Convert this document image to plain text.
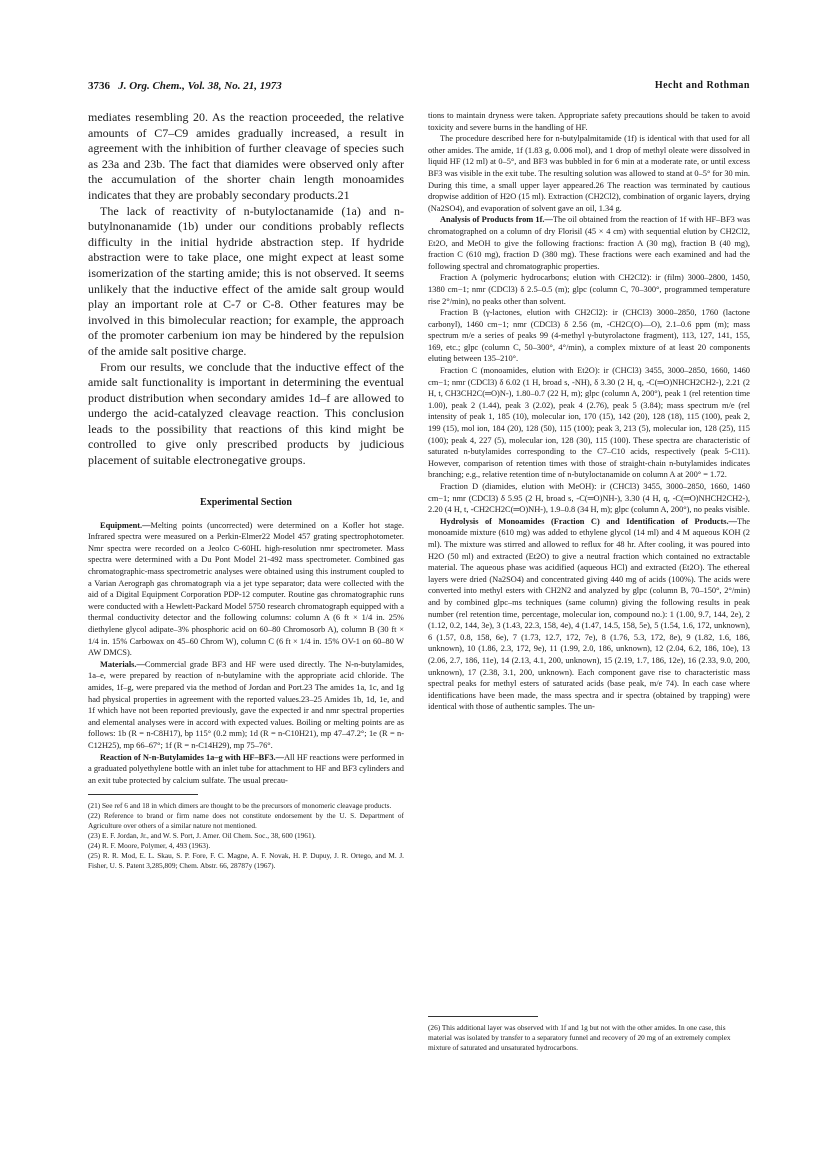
3736 J. Org. Chem., Vol. 38, No. 21, 1973	Hecht and Rothman

mediates resembling 20. As the reaction proceeded, the relative amounts of C7–C9 amides gradually increased, a result in agreement with the inhibition of further cleavage of species such as 23a and 23b. The fact that diamides were observed only after the accumulation of the shorter chain length monoamides indicates that they are probably secondary products.21

The lack of reactivity of n-butyloctanamide (1a) and n-butylnonanamide (1b) under our conditions probably reflects difficulty in the initial hydride abstraction step. If hydride abstraction were to take place, one might expect at least some isomerization of the starting amide; this is not observed. It seems unlikely that the inductive effect of the amide salt group would play an important role at C-7 or C-8. Other features may be involved in this bimolecular reaction; for example, the approach of the promoter carbenium ion may be hindered by the repulsion of the amide salt positive charge.

From our results, we conclude that the inductive effect of the amide salt functionality is important in determining the eventual product distribution when secondary amides 1d–f are allowed to undergo the acid-catalyzed cleavage reaction. This conclusion leads to the possibility that reactions of this kind might be controlled to give only prescribed products by judicious placement of suitable electronegative groups.

Experimental Section

Equipment.—Melting points (uncorrected) were determined on a Kofler hot stage. Infrared spectra were measured on a Perkin-Elmer22 Model 457 grating spectrophotometer. Nmr spectra were recorded on a Jeolco C-60HL high-resolution nmr spectrometer. Mass spectra were determined with a Du Pont Model 21-492 mass spectrometer. Combined gas chromatographic-mass spectrometric analyses were obtained using this instrument coupled to a Varian Aerograph gas chromatograph via a jet type separator; data were collected with the aid of a Digital Equipment Corporation PDP-12 computer. Routine gas chromatographic runs were conducted with a Hewlett-Packard Model 5750 research chromatograph equipped with a thermal conductivity detector and the following columns: column A (6 ft × 1/4 in. 25% diethylene glycol adipate–3% phosphoric acid on 60–80 Chromosorb A), column B (30 ft × 1/4 in. 15% Carbowax on 45–60 Chrom W), column C (6 ft × 1/4 in. 15% OV-1 on 60–80 W AW DMCS).

Materials.—Commercial grade BF3 and HF were used directly. The N-n-butylamides, 1a–e, were prepared by reaction of n-butylamine with the appropriate acid chloride. The amides, 1f–g, were prepared via the method of Jordan and Port.23 The amides 1a, 1c, and 1g had physical properties in agreement with the reported values.23–25 Amides 1b, 1d, 1e, and 1f which have not been reported previously, gave the expected ir and nmr spectral properties and elemental analyses were in accord with expected values. Boiling or melting points are as follows: 1b (R = n-C8H17), bp 115° (0.2 mm); 1d (R = n-C10H21), mp 47–47.2°; 1e (R = n-C12H25), mp 66–67°; 1f (R = n-C14H29), mp 75–76°.

Reaction of N-n-Butylamides 1a–g with HF–BF3.—All HF reactions were performed in a graduated polyethylene bottle with an inlet tube for attachment to HF and BF3 cylinders and an exit tube protected by calcium sulfate. The usual precau-

(21) See ref 6 and 18 in which dimers are thought to be the precursors of monomeric cleavage products.

(22) Reference to brand or firm name does not constitute endorsement by the U. S. Department of Agriculture over others of a similar nature not mentioned.

(23) E. F. Jordan, Jr., and W. S. Port, J. Amer. Oil Chem. Soc., 38, 600 (1961).

(24) R. F. Moore, Polymer, 4, 493 (1963).

(25) R. R. Mod, E. L. Skau, S. P. Fore, F. C. Magne, A. F. Novak, H. P. Dupuy, J. R. Ortego, and M. J. Fisher, U. S. Patent 3,285,809; Chem. Abstr. 66, 28787y (1967).

tions to maintain dryness were taken. Appropriate safety precautions should be taken to avoid toxicity and severe burns in the handling of HF.

The procedure described here for n-butylpalmitamide (1f) is identical with that used for all other amides. The amide, 1f (1.83 g, 0.006 mol), and 1 drop of methyl oleate were dissolved in liquid HF (12 ml) at 0–5°, and BF3 was bubbled in for 6 min at a moderate rate, or until excess BF3 was visible in the exit tube. The resulting solution was allowed to stand at 0–5° for 30 min. During this time, a small upper layer appeared.26 The reaction was terminated by cautious dropwise addition of H2O (15 ml). Extraction (CH2Cl2), combination of organic layers, drying (Na2SO4), and evaporation of solvent gave an oil, 1.34 g.

Analysis of Products from 1f.—The oil obtained from the reaction of 1f with HF–BF3 was chromatographed on a column of dry Florisil (45 × 4 cm) with sequential elution by CH2Cl2, Et2O, and MeOH to give the following fractions: fraction A (30 mg), fraction B (40 mg), fraction C (610 mg), fraction D (380 mg). These fractions were each examined and had the following spectral and chromatographic properties.

Fraction A (polymeric hydrocarbons; elution with CH2Cl2): ir (film) 3000–2800, 1450, 1380 cm−1; nmr (CDCl3) δ 2.5–0.5 (m); glpc (column C, 70–300°, programmed temperature rise 2°/min), no peaks other than solvent.

Fraction B (γ-lactones, elution with CH2Cl2): ir (CHCl3) 3000–2850, 1760 (lactone carbonyl), 1460 cm−1; nmr (CDCl3) δ 2.56 (m, -CH2C(O)—O), 2.1–0.6 ppm (m); mass spectrum m/e a series of peaks 99 (4-methyl γ-butyrolactone fragment), 113, 127, 141, 155, 169, etc.; glpc (column C, 50–300°, 4°/min), a complex mixture of at least 20 components eluting between 135–210°.

Fraction C (monoamides, elution with Et2O): ir (CHCl3) 3455, 3000–2850, 1660, 1460 cm−1; nmr (CDCl3) δ 6.02 (1 H, broad s, -NH), δ 3.30 (2 H, q, -C(═O)NHCH2CH2-), 2.21 (2 H, t, CH3CH2C(═O)N-), 1.80–0.7 (22 H, m); glpc (column A, 200°), peak 1 (rel retention time 1.00), peak 2 (1.44), peak 3 (2.02), peak 4 (2.76), peak 5 (3.84); mass spectrum m/e (rel intensity of peak 1, 185 (10), molecular ion, 170 (15), 142 (20), 128 (18), 115 (100), peak 2, 199 (15), mol ion, 184 (20), 128 (50), 115 (100); peak 3, 213 (5), molecular ion, 128 (25), 115 (100); peak 4, 227 (5), molecular ion, 128 (30), 115 (100). These spectra are characteristic of saturated n-butylamides corresponding to the C7–C10 acids, respectively (peak 5-C11). However, comparison of retention times with those of straight-chain n-butylamides indicates branching; e.g., relative retention time of n-butyloctanamide on column A at 200° = 1.72.

Fraction D (diamides, elution with MeOH): ir (CHCl3) 3455, 3000–2850, 1660, 1460 cm−1; nmr (CDCl3) δ 5.95 (2 H, broad s, -C(═O)NH-), 3.30 (4 H, q, -C(═O)NHCH2CH2-), 2.20 (4 H, t, -CH2CH2C(═O)NH-), 1.9–0.8 (34 H, m); glpc (column A, 200°), no peaks visible.

Hydrolysis of Monoamides (Fraction C) and Identification of Products.—The monoamide mixture (610 mg) was added to ethylene glycol (14 ml) and 4 M aqueous KOH (2 ml). The mixture was stirred and allowed to reflux for 48 hr. After cooling, it was poured into H2O (50 ml) and extracted (Et2O) to give a neutral fraction which contained no extractable material. The aqueous phase was acidified (aqueous HCl) and extracted (Et2O). The ethereal layers were dried (Na2SO4) and concentrated giving 440 mg of acids (100%). The acids were converted into methyl esters with CH2N2 and analyzed by glpc (column B, 70–150°, 2°/min) and by combined glpc–ms techniques (same column) giving the following results in peak number (rel retention time, percentage, molecular ion, compound no.): 1 (1.00, 9.7, 144, 2e), 2 (1.12, 0.2, 144, 3e), 3 (1.43, 22.3, 158, 4e), 4 (1.47, 14.5, 158, 5e), 5 (1.54, 1.6, 172, unknown), 6 (1.57, 0.8, 158, 6e), 7 (1.73, 12.7, 172, 7e), 8 (1.76, 5.3, 172, 8e), 9 (1.82, 1.6, 186, unknown), 10 (1.86, 2.3, 172, 9e), 11 (1.99, 2.0, 186, unknown), 12 (2.04, 6.2, 186, 10e), 13 (2.06, 2.7, 186, 11e), 14 (2.13, 4.1, 200, unknown), 15 (2.19, 1.7, 186, 12e), 16 (2.33, 9.0, 200, unknown), 17 (2.38, 3.1, 200, unknown). Each component gave rise to characteristic mass spectral peaks for methyl esters of saturated acids (base peak, m/e 74). In each case where identifications have been made, the mass spectra and ir spectra (obtained by trapping) were identical with those of authentic samples. The un-

(26) This additional layer was observed with 1f and 1g but not with the other amides. In one case, this material was isolated by transfer to a separatory funnel and recovery of 20 mg of an extremely complex mixture of saturated and unsaturated hydrocarbons.
